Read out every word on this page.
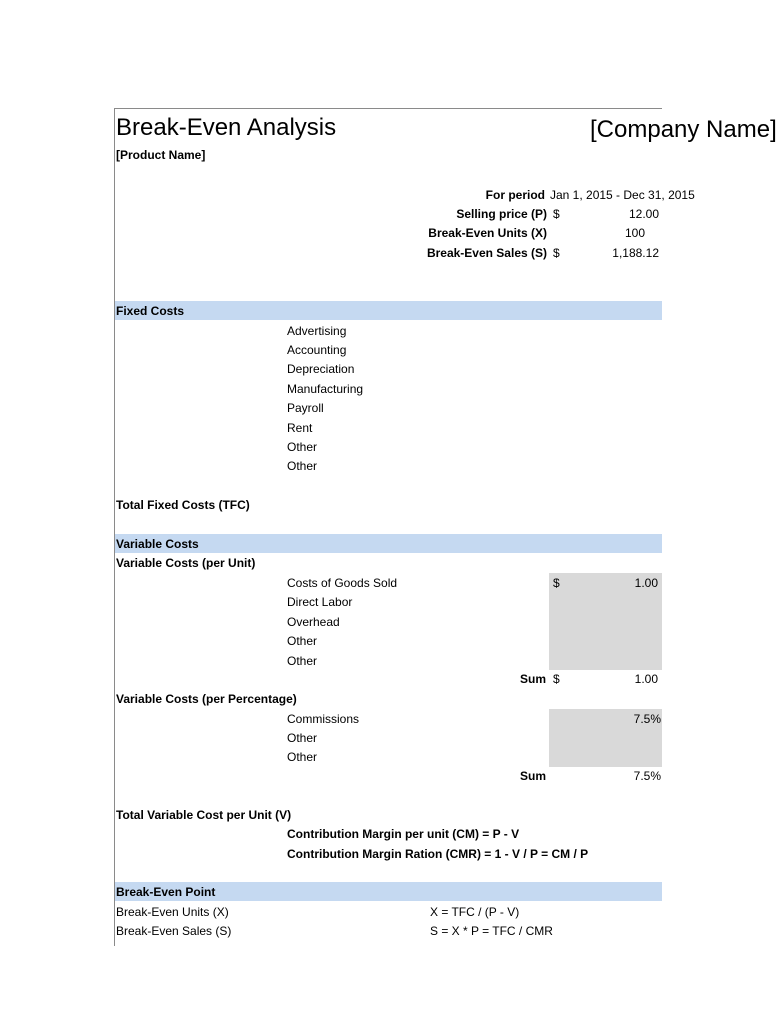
Break-Even Analysis	[Company Name]
[Product Name]
For period Jan 1, 2015 - Dec 31, 2015
Selling price (P) $	12.00
Break-Even Units (X)	100
Break-Even Sales (S) $	1,188.12
Fixed Costs
Advertising
Accounting
Depreciation
Manufacturing
Payroll
Rent
Other
Other
Total Fixed Costs (TFC)
Variable Costs
Variable Costs (per Unit)
Costs of Goods Sold	$	1.00
Direct Labor
Overhead
Other
Other
Sum $	1.00
Variable Costs (per Percentage)
Commissions	7.5%
Other
Other
Sum	7.5%
Total Variable Cost per Unit (V)
Contribution Margin per unit (CM) = P - V
Contribution Margin Ration (CMR) = 1 - V / P = CM / P
Break-Even Point
Break-Even Units (X)	X = TFC / (P - V)
Break-Even Sales (S)	S = X * P = TFC / CMR
